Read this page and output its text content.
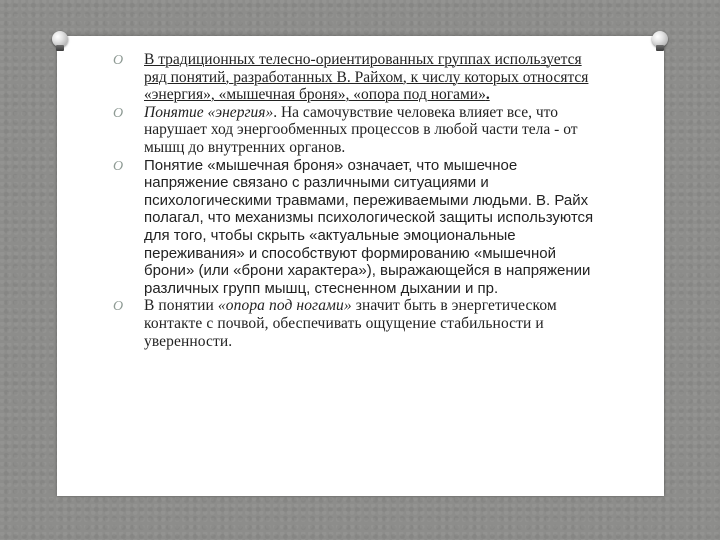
O В традиционных телесно-ориентированных группах используется ряд понятий, разработанных В. Райхом, к числу которых относятся «энергия», «мышечная броня», «опора под ногами».
O Понятие «энергия». На самочувствие человека влияет все, что нарушает ход энергообменных процессов в любой части тела - от мышц до внутренних органов.
O Понятие «мышечная броня» означает, что мышечное напряжение связано с различными ситуациями и психологическими травмами, переживаемыми людьми. В. Райх полагал, что механизмы психологической защиты используются для того, чтобы скрыть «актуальные эмоциональные переживания» и способствуют формированию «мышечной брони» (или «брони характера»), выражающейся в напряжении различных групп мышц, стесненном дыхании и пр.
O В понятии «опора под ногами» значит быть в энергетическом контакте с почвой, обеспечивать ощущение стабильности и уверенности.
